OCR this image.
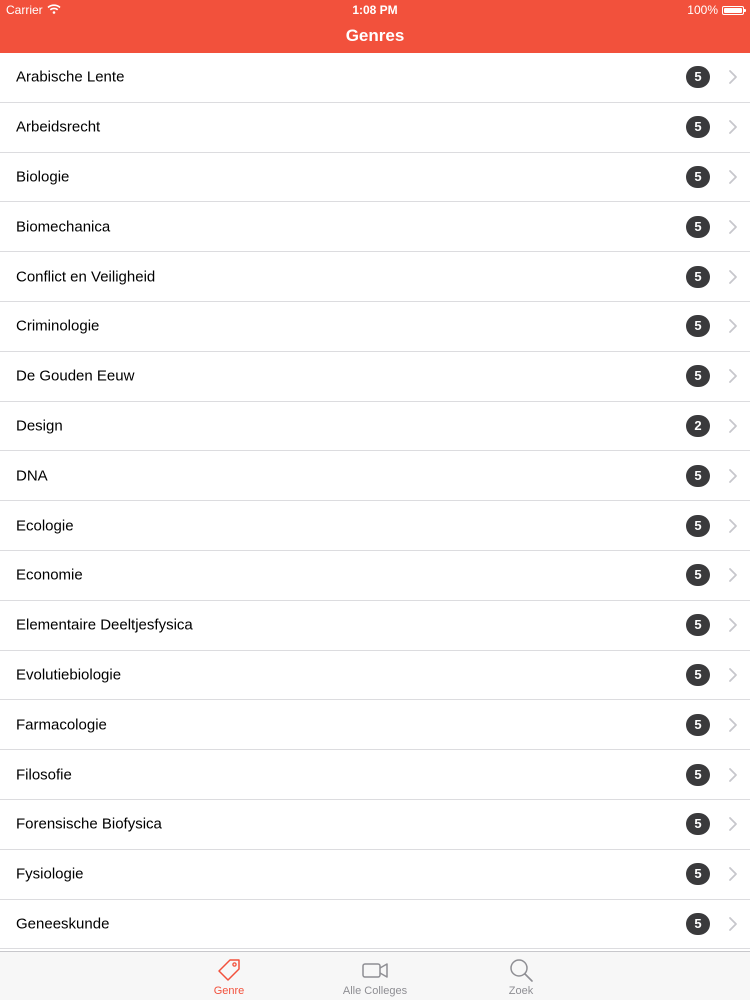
Carrier	1:08 PM	100%
Genres
Arabische Lente	5
Arbeidsrecht	5
Biologie	5
Biomechanica	5
Conflict en Veiligheid	5
Criminologie	5
De Gouden Eeuw	5
Design	2
DNA	5
Ecologie	5
Economie	5
Elementaire Deeltjesfysica	5
Evolutiebiologie	5
Farmacologie	5
Filosofie	5
Forensische Biofysica	5
Fysiologie	5
Geneeskunde	5
Genre	Alle Colleges	Zoek
